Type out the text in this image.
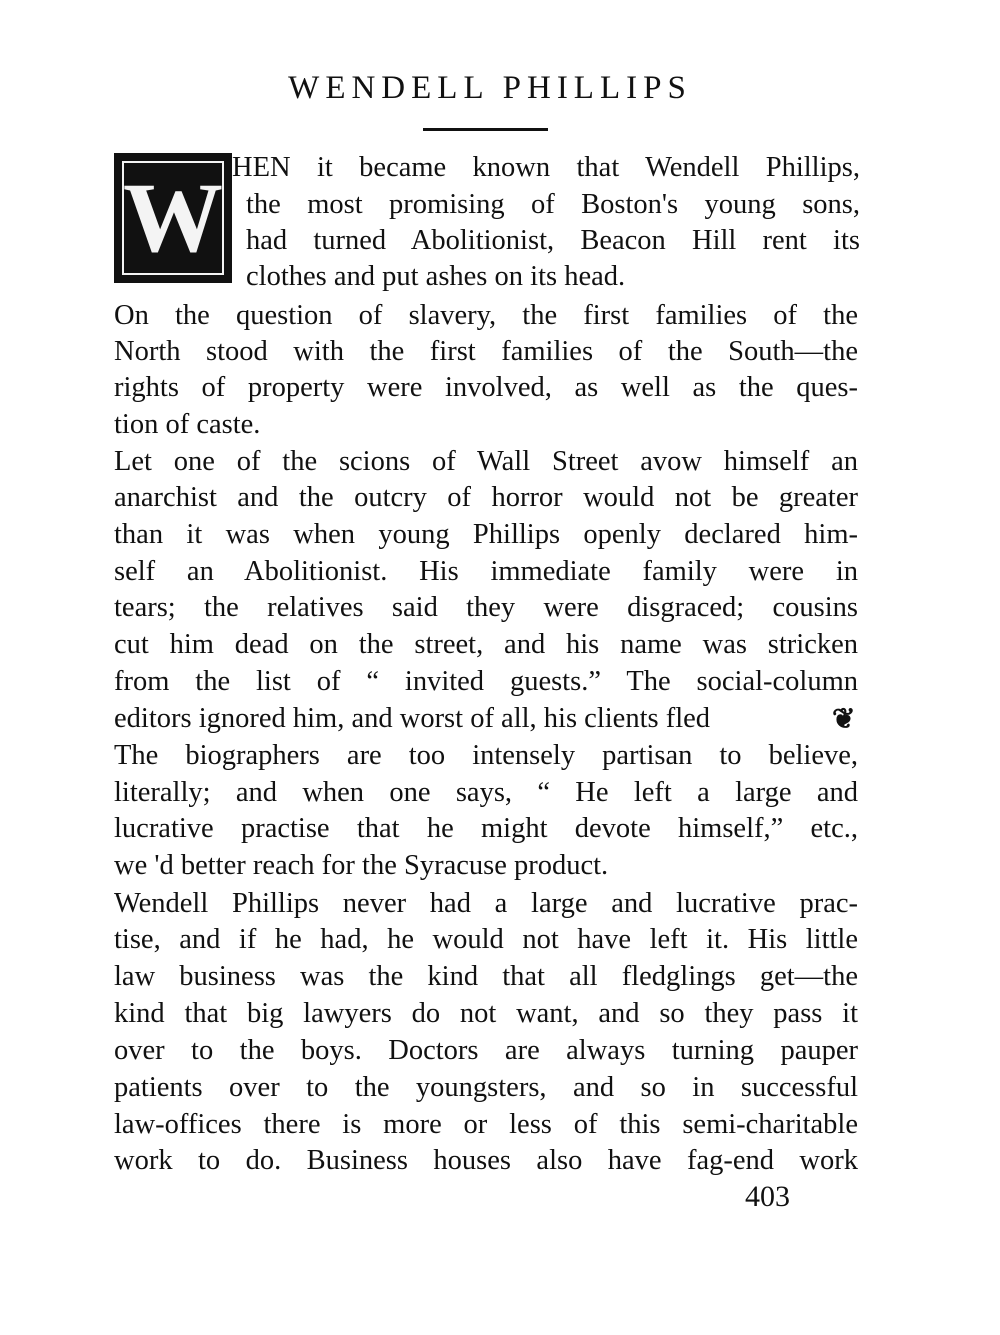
WENDELL PHILLIPS
W HEN it became known that Wendell Phillips,
the most promising of Boston's young sons,
had turned Abolitionist, Beacon Hill rent its
clothes and put ashes on its head.
On the question of slavery, the first families of the
North stood with the first families of the South—the
rights of property were involved, as well as the ques-
tion of caste.
Let one of the scions of Wall Street avow himself an
anarchist and the outcry of horror would not be greater
than it was when young Phillips openly declared him-
self an Abolitionist. His immediate family were in
tears; the relatives said they were disgraced; cousins
cut him dead on the street, and his name was stricken
from the list of “ invited guests.” The social-column
editors ignored him, and worst of all, his clients fled	❦
The biographers are too intensely partisan to believe,
literally; and when one says, “ He left a large and
lucrative practise that he might devote himself,” etc.,
we 'd better reach for the Syracuse product.
Wendell Phillips never had a large and lucrative prac-
tise, and if he had, he would not have left it. His little
law business was the kind that all fledglings get—the
kind that big lawyers do not want, and so they pass it
over to the boys. Doctors are always turning pauper
patients over to the youngsters, and so in successful
law-offices there is more or less of this semi-charitable
work to do. Business houses also have fag-end work
403
